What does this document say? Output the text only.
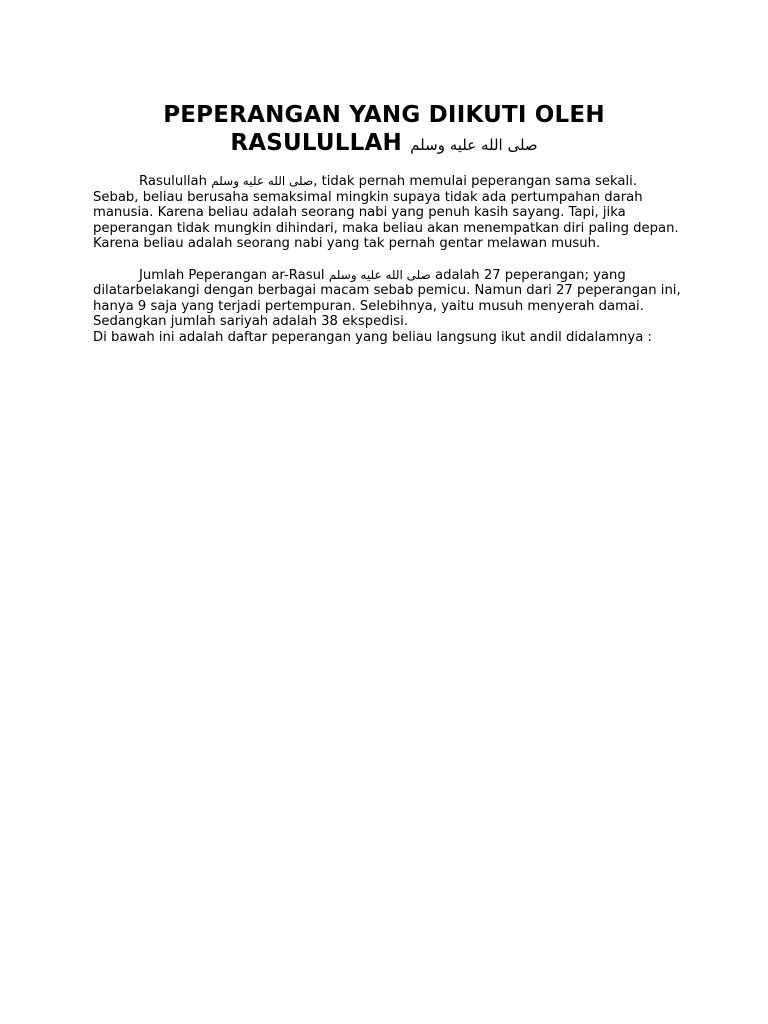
PEPERANGAN YANG DIIKUTI OLEH
RASULULLAH صلى الله عليه وسلم

Rasulullah صلى الله عليه وسلم, tidak pernah memulai peperangan sama sekali. Sebab, beliau berusaha semaksimal mingkin supaya tidak ada pertumpahan darah manusia. Karena beliau adalah seorang nabi yang penuh kasih sayang. Tapi, jika peperangan tidak mungkin dihindari, maka beliau akan menempatkan diri paling depan. Karena beliau adalah seorang nabi yang tak pernah gentar melawan musuh.

Jumlah Peperangan ar-Rasul صلى الله عليه وسلم adalah 27 peperangan; yang dilatarbelakangi dengan berbagai macam sebab pemicu. Namun dari 27 peperangan ini, hanya 9 saja yang terjadi pertempuran. Selebihnya, yaitu musuh menyerah damai. Sedangkan jumlah sariyah adalah 38 ekspedisi.

Di bawah ini adalah daftar peperangan yang beliau langsung ikut andil didalamnya :
